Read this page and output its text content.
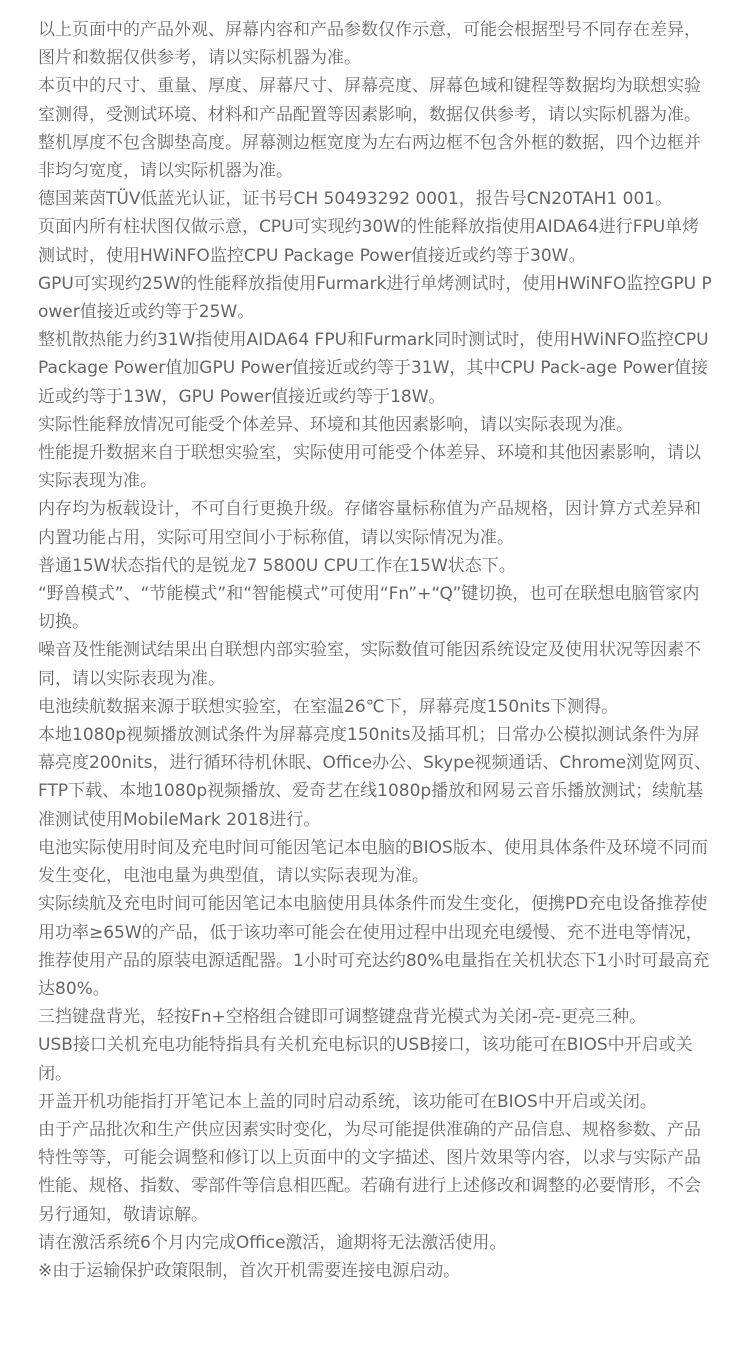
以上页面中的产品外观、屏幕内容和产品参数仅作示意，可能会根据型号不同存在差异，图片和数据仅供参考，请以实际机器为准。
本页中的尺寸、重量、厚度、屏幕尺寸、屏幕亮度、屏幕色域和键程等数据均为联想实验室测得，受测试环境、材料和产品配置等因素影响，数据仅供参考，请以实际机器为准。整机厚度不包含脚垫高度。屏幕测边框宽度为左右两边框不包含外框的数据，四个边框并非均匀宽度，请以实际机器为准。
德国莱茵TÜV低蓝光认证，证书号CH 50493292 0001，报告号CN20TAH1 001。
页面内所有柱状图仅做示意，CPU可实现约30W的性能释放指使用AIDA64进行FPU单烤测试时，使用HWiNFO监控CPU Package Power值接近或约等于30W。
GPU可实现约25W的性能释放指使用Furmark进行单烤测试时，使用HWiNFO监控GPU Power值接近或约等于25W。
整机散热能力约31W指使用AIDA64 FPU和Furmark同时测试时，使用HWiNFO监控CPU Package Power值加GPU Power值接近或约等于31W，其中CPU Pack-age Power值接近或约等于13W，GPU Power值接近或约等于18W。
实际性能释放情况可能受个体差异、环境和其他因素影响，请以实际表现为准。
性能提升数据来自于联想实验室，实际使用可能受个体差异、环境和其他因素影响，请以实际表现为准。
内存均为板载设计，不可自行更换升级。存储容量标称值为产品规格，因计算方式差异和内置功能占用，实际可用空间小于标称值，请以实际情况为准。
普通15W状态指代的是锐龙7 5800U CPU工作在15W状态下。
“野兽模式”、“节能模式”和“智能模式”可使用“Fn”+“Q”键切换，也可在联想电脑管家内切换。
噪音及性能测试结果出自联想内部实验室，实际数值可能因系统设定及使用状况等因素不同，请以实际表现为准。
电池续航数据来源于联想实验室，在室温26℃下，屏幕亮度150nits下测得。
本地1080p视频播放测试条件为屏幕亮度150nits及插耳机；日常办公模拟测试条件为屏幕亮度200nits，进行循环待机休眠、Office办公、Skype视频通话、Chrome浏览网页、FTP下载、本地1080p视频播放、爱奇艺在线1080p播放和网易云音乐播放测试；续航基准测试使用MobileMark 2018进行。
电池实际使用时间及充电时间可能因笔记本电脑的BIOS版本、使用具体条件及环境不同而发生变化，电池电量为典型值，请以实际表现为准。
实际续航及充电时间可能因笔记本电脑使用具体条件而发生变化，便携PD充电设备推荐使用功率≥65W的产品，低于该功率可能会在使用过程中出现充电缓慢、充不进电等情况，推荐使用产品的原装电源适配器。1小时可充达约80%电量指在关机状态下1小时可最高充达80%。
三挡键盘背光，轻按Fn+空格组合键即可调整键盘背光模式为关闭-亮-更亮三种。
USB接口关机充电功能特指具有关机充电标识的USB接口，该功能可在BIOS中开启或关闭。
开盖开机功能指打开笔记本上盖的同时启动系统，该功能可在BIOS中开启或关闭。
由于产品批次和生产供应因素实时变化，为尽可能提供准确的产品信息、规格参数、产品特性等等，可能会调整和修订以上页面中的文字描述、图片效果等内容，以求与实际产品性能、规格、指数、零部件等信息相匹配。若确有进行上述修改和调整的必要情形，不会另行通知，敬请谅解。
请在激活系统6个月内完成Office激活，逾期将无法激活使用。
※由于运输保护政策限制，首次开机需要连接电源启动。
